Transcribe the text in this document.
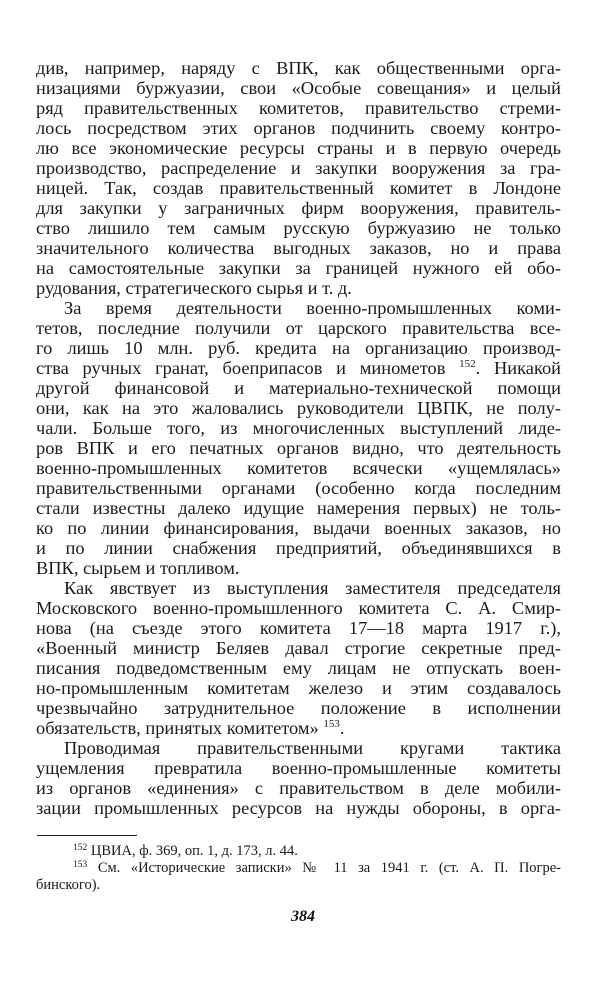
див, например, наряду с ВПК, как общественными орга-
низациями буржуазии, свои «Особые совещания» и целый
ряд правительственных комитетов, правительство стреми-
лось посредством этих органов подчинить своему контро-
лю все экономические ресурсы страны и в первую очередь
производство, распределение и закупки вооружения за гра-
ницей. Так, создав правительственный комитет в Лондоне
для закупки у заграничных фирм вооружения, правитель-
ство лишило тем самым русскую буржуазию не только
значительного количества выгодных заказов, но и права
на самостоятельные закупки за границей нужного ей обо-
рудования, стратегического сырья и т. д.
За время деятельности военно-промышленных коми-
тетов, последние получили от царского правительства все-
го лишь 10 млн. руб. кредита на организацию производ-
ства ручных гранат, боеприпасов и минометов $^{152}$. Никакой
другой финансовой и материально-технической помощи
они, как на это жаловались руководители ЦВПК, не полу-
чали. Больше того, из многочисленных выступлений лиде-
ров ВПК и его печатных органов видно, что деятельность
военно-промышленных комитетов всячески «ущемлялась»
правительственными органами (особенно когда последним
стали известны далеко идущие намерения первых) не толь-
ко по линии финансирования, выдачи военных заказов, но
и по линии снабжения предприятий, объединявшихся в
ВПК, сырьем и топливом.
Как явствует из выступления заместителя председателя
Московского военно-промышленного комитета С. А. Смир-
нова (на съезде этого комитета 17—18 марта 1917 г.),
«Военный министр Беляев давал строгие секретные пред-
писания подведомственным ему лицам не отпускать воен-
но-промышленным комитетам железо и этим создавалось
чрезвычайно затруднительное положение в исполнении
обязательств, принятых комитетом» $^{153}$.
Проводимая правительственными кругами тактика
ущемления превратила военно-промышленные комитеты
из органов «единения» с правительством в деле мобили-
зации промышленных ресурсов на нужды обороны, в орга-
$^{152}$ ЦВИА, ф. 369, оп. 1, д. 173, л. 44.
$^{153}$ См. «Исторические записки» № 11 за 1941 г. (ст. А. П. Погре-
бинского).
384
